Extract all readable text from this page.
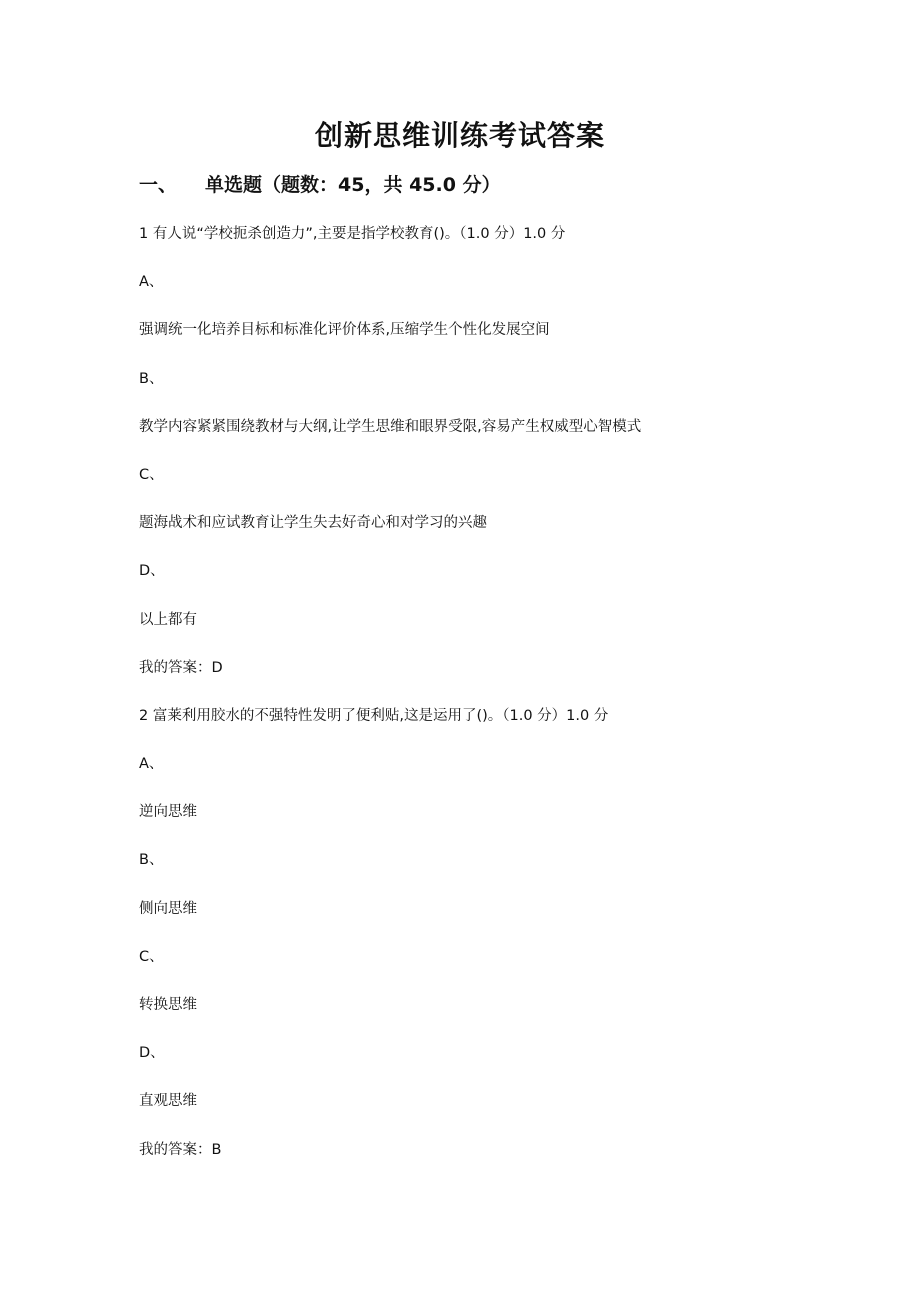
创新思维训练考试答案
一、 单选题（题数：45，共 45.0 分）
1 有人说“学校扼杀创造力”,主要是指学校教育()。（1.0 分）1.0 分
A、
强调统一化培养目标和标准化评价体系,压缩学生个性化发展空间
B、
教学内容紧紧围绕教材与大纲,让学生思维和眼界受限,容易产生权威型心智模式
C、
题海战术和应试教育让学生失去好奇心和对学习的兴趣
D、
以上都有
我的答案：D
2 富莱利用胶水的不强特性发明了便利贴,这是运用了()。（1.0 分）1.0 分
A、
逆向思维
B、
侧向思维
C、
转换思维
D、
直观思维
我的答案：B
